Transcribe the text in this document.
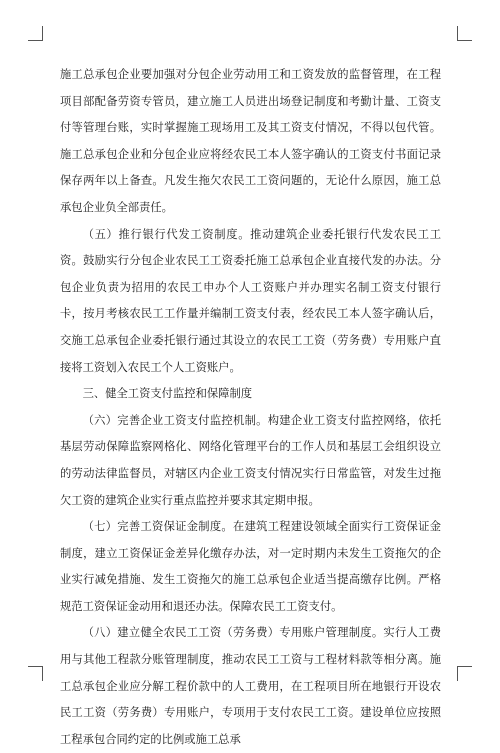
施工总承包企业要加强对分包企业劳动用工和工资发放的监督管理，在工程项目部配备劳资专管员，建立施工人员进出场登记制度和考勤计量、工资支付等管理台账，实时掌握施工现场用工及其工资支付情况，不得以包代管。施工总承包企业和分包企业应将经农民工本人签字确认的工资支付书面记录保存两年以上备查。凡发生拖欠农民工工资问题的，无论什么原因，施工总承包企业负全部责任。

（五）推行银行代发工资制度。推动建筑企业委托银行代发农民工工资。鼓励实行分包企业农民工工资委托施工总承包企业直接代发的办法。分包企业负责为招用的农民工申办个人工资账户并办理实名制工资支付银行卡，按月考核农民工工作量并编制工资支付表，经农民工本人签字确认后，交施工总承包企业委托银行通过其设立的农民工工资（劳务费）专用账户直接将工资划入农民工个人工资账户。

三、健全工资支付监控和保障制度

（六）完善企业工资支付监控机制。构建企业工资支付监控网络，依托基层劳动保障监察网格化、网络化管理平台的工作人员和基层工会组织设立的劳动法律监督员，对辖区内企业工资支付情况实行日常监管，对发生过拖欠工资的建筑企业实行重点监控并要求其定期申报。

（七）完善工资保证金制度。在建筑工程建设领域全面实行工资保证金制度，建立工资保证金差异化缴存办法，对一定时期内未发生工资拖欠的企业实行减免措施、发生工资拖欠的施工总承包企业适当提高缴存比例。严格规范工资保证金动用和退还办法。保障农民工工资支付。

（八）建立健全农民工工资（劳务费）专用账户管理制度。实行人工费用与其他工程款分账管理制度，推动农民工工资与工程材料款等相分离。施工总承包企业应分解工程价款中的人工费用，在工程项目所在地银行开设农民工工资（劳务费）专用账户，专项用于支付农民工工资。建设单位应按照工程承包合同约定的比例或施工总承
